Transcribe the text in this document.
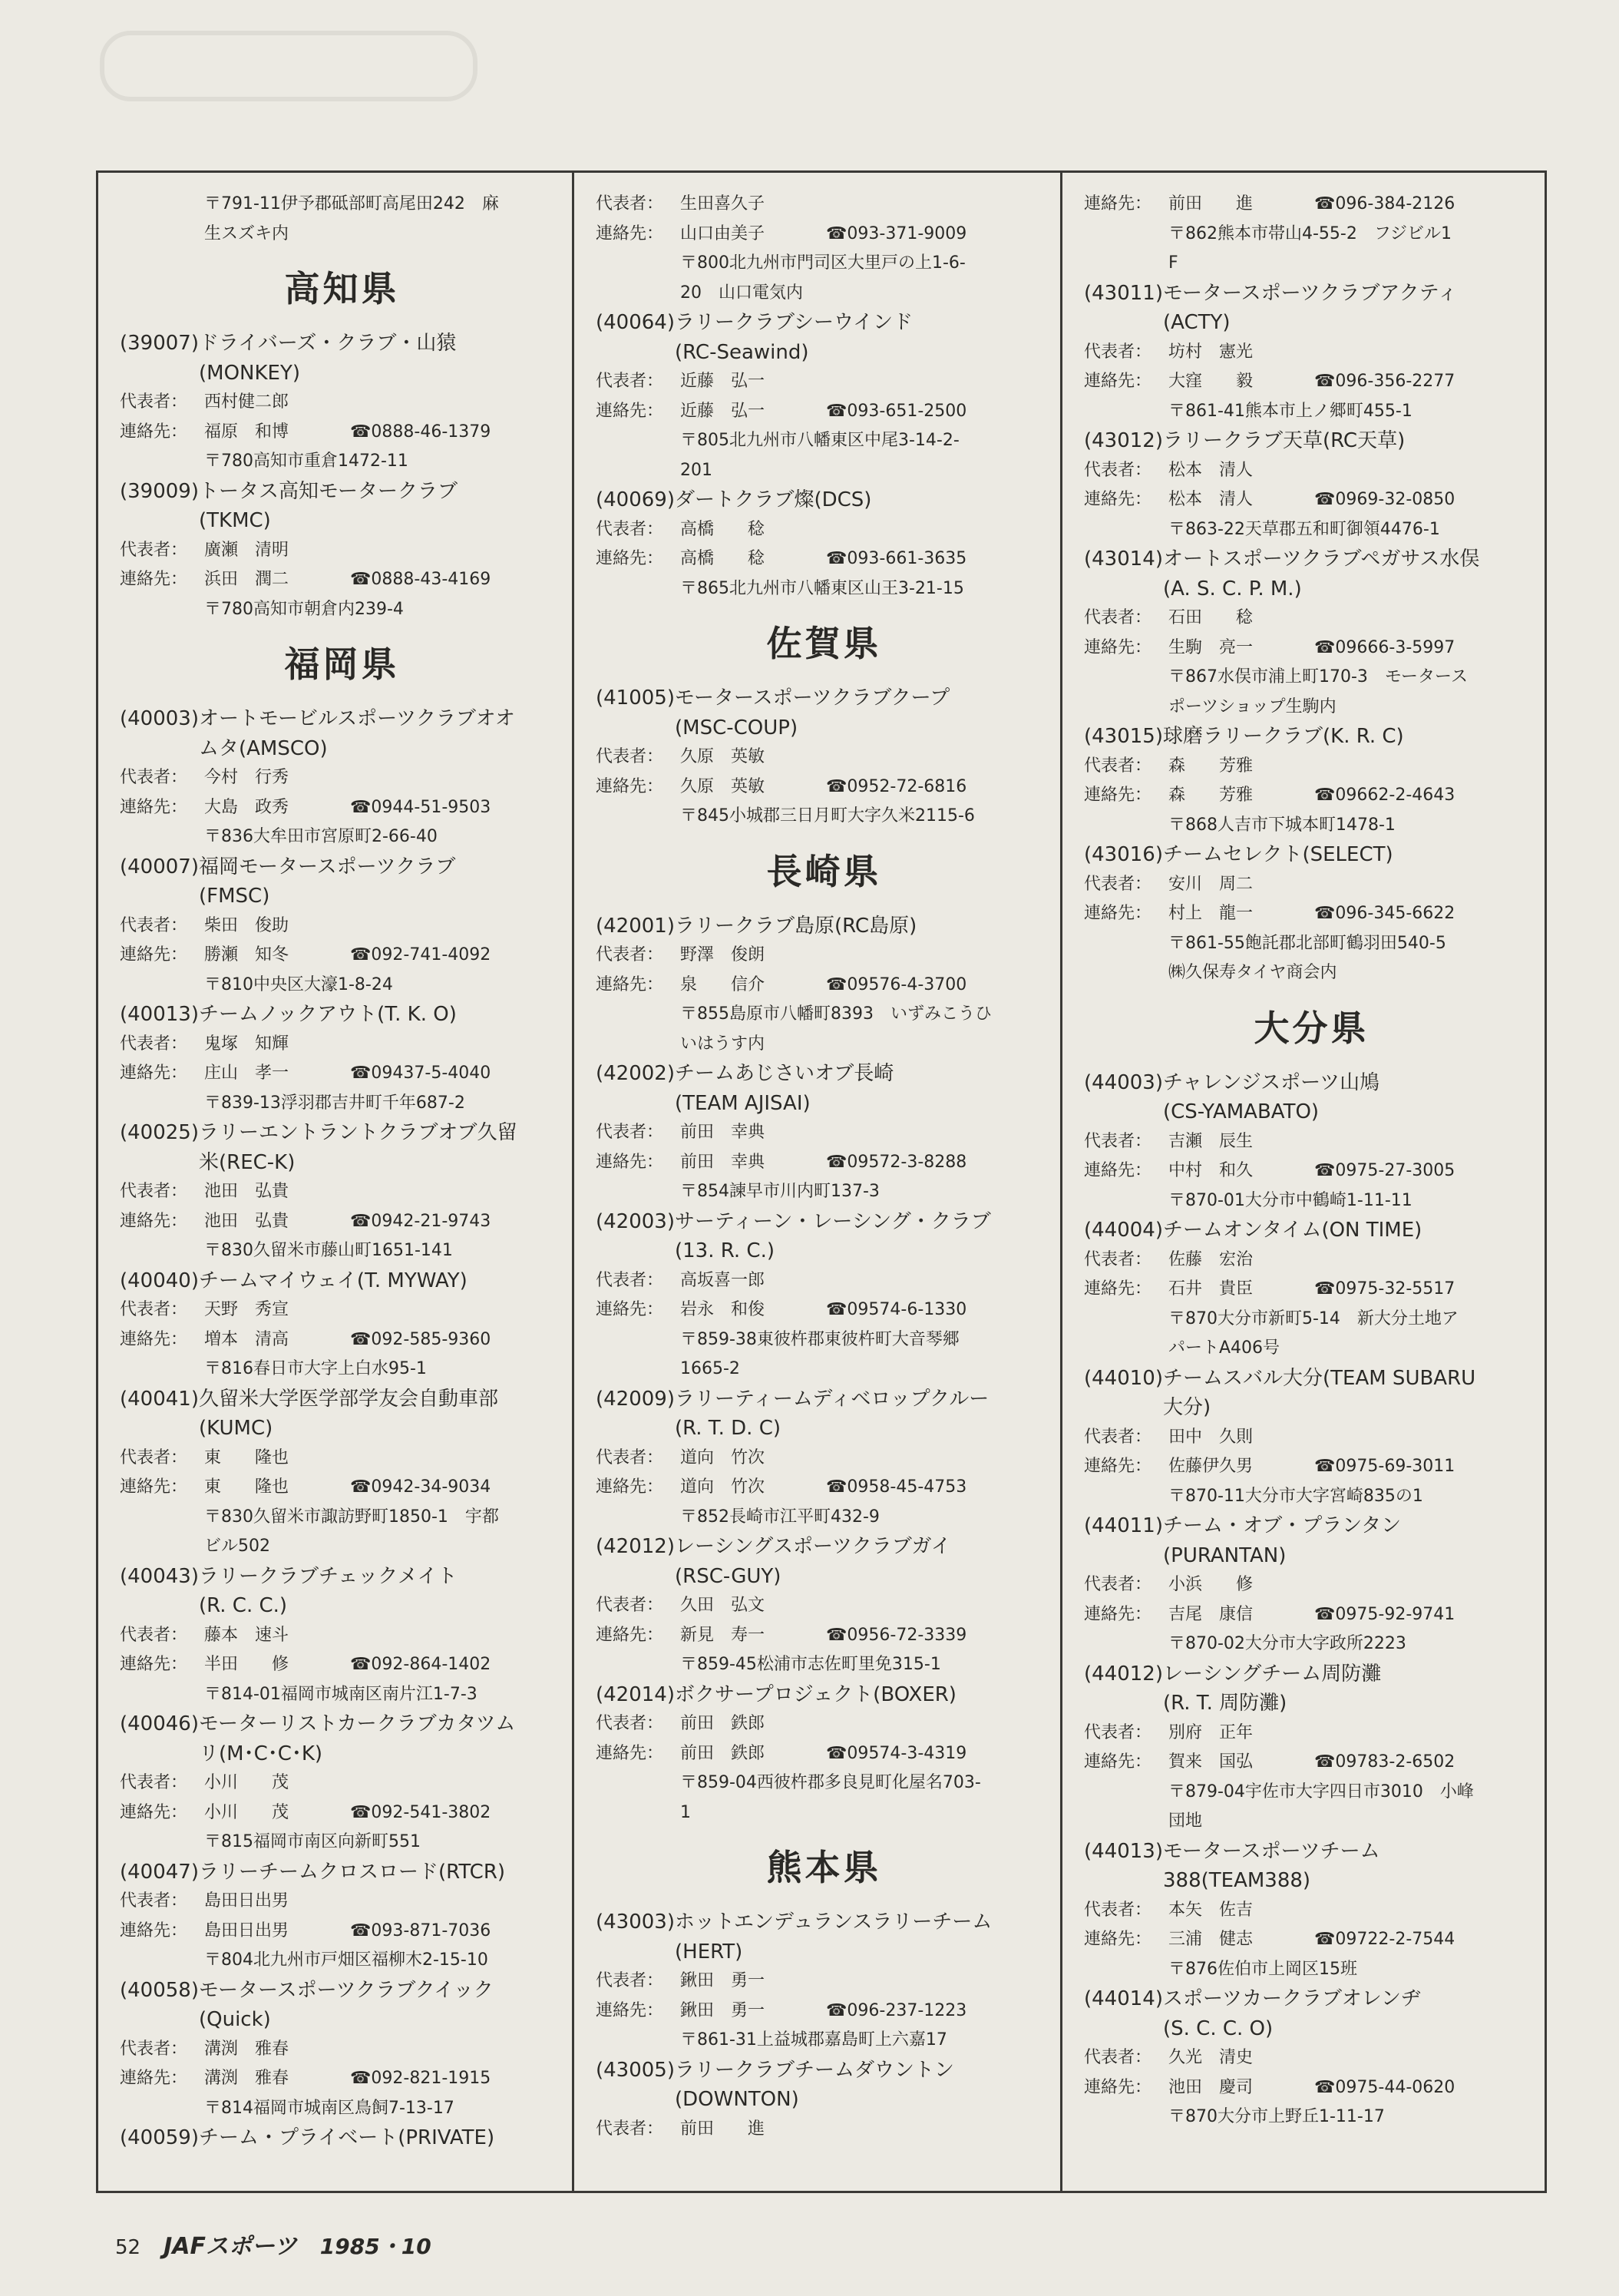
〒791-11伊予郡砥部町高尾田242　麻
生スズキ内
高知県
(39007) ドライバーズ・クラブ・山猿
(MONKEY)
代表者： 西村健二郎
連絡先： 福原　和博	☎0888-46-1379
〒780高知市重倉1472-11
(39009) トータス高知モータークラブ
(TKMC)
代表者： 廣瀬　清明
連絡先： 浜田　潤二	☎0888-43-4169
〒780高知市朝倉内239-4
福岡県
(40003) オートモービルスポーツクラブオオ
ムタ(AMSCO)
代表者： 今村　行秀
連絡先： 大島　政秀	☎0944-51-9503
〒836大牟田市宮原町2-66-40
(40007) 福岡モータースポーツクラブ
(FMSC)
代表者： 柴田　俊助
連絡先： 勝瀬　知冬	☎092-741-4092
〒810中央区大濠1-8-24
(40013) チームノックアウト(T. K. O)
代表者： 鬼塚　知輝
連絡先： 庄山　孝一	☎09437-5-4040
〒839-13浮羽郡吉井町千年687-2
(40025) ラリーエントラントクラブオブ久留
米(REC-K)
代表者： 池田　弘貴
連絡先： 池田　弘貴	☎0942-21-9743
〒830久留米市藤山町1651-141
(40040) チームマイウェイ(T. MYWAY)
代表者： 天野　秀宣
連絡先： 増本　清高	☎092-585-9360
〒816春日市大字上白水95-1
(40041) 久留米大学医学部学友会自動車部
(KUMC)
代表者： 東　　隆也
連絡先： 東　　隆也	☎0942-34-9034
〒830久留米市諏訪野町1850-1　宇都
ビル502
(40043) ラリークラブチェックメイト
(R. C. C.)
代表者： 藤本　速斗
連絡先： 半田　　修	☎092-864-1402
〒814-01福岡市城南区南片江1-7-3
(40046) モーターリストカークラブカタツム
リ(M･C･C･K)
代表者： 小川　　茂
連絡先： 小川　　茂	☎092-541-3802
〒815福岡市南区向新町551
(40047) ラリーチームクロスロード(RTCR)
代表者： 島田日出男
連絡先： 島田日出男	☎093-871-7036
〒804北九州市戸畑区福柳木2-15-10
(40058) モータースポーツクラブクイック
(Quick)
代表者： 溝渕　雅春
連絡先： 溝渕　雅春	☎092-821-1915
〒814福岡市城南区鳥飼7-13-17
(40059) チーム・プライベート(PRIVATE)
代表者： 生田喜久子
連絡先： 山口由美子	☎093-371-9009
〒800北九州市門司区大里戸の上1-6-
20　山口電気内
(40064) ラリークラブシーウインド
(RC-Seawind)
代表者： 近藤　弘一
連絡先： 近藤　弘一	☎093-651-2500
〒805北九州市八幡東区中尾3-14-2-
201
(40069) ダートクラブ燦(DCS)
代表者： 高橋　　稔
連絡先： 高橋　　稔	☎093-661-3635
〒865北九州市八幡東区山王3-21-15
佐賀県
(41005) モータースポーツクラブクープ
(MSC-COUP)
代表者： 久原　英敏
連絡先： 久原　英敏	☎0952-72-6816
〒845小城郡三日月町大字久米2115-6
長崎県
(42001) ラリークラブ島原(RC島原)
代表者： 野澤　俊朗
連絡先： 泉　　信介	☎09576-4-3700
〒855島原市八幡町8393　いずみこうひ
いはうす内
(42002) チームあじさいオブ長崎
(TEAM AJISAI)
代表者： 前田　幸典
連絡先： 前田　幸典	☎09572-3-8288
〒854諫早市川内町137-3
(42003) サーティーン・レーシング・クラブ
(13. R. C.)
代表者： 高坂喜一郎
連絡先： 岩永　和俊	☎09574-6-1330
〒859-38東彼杵郡東彼杵町大音琴郷
1665-2
(42009) ラリーティームディベロップクルー
(R. T. D. C)
代表者： 道向　竹次
連絡先： 道向　竹次	☎0958-45-4753
〒852長崎市江平町432-9
(42012) レーシングスポーツクラブガイ
(RSC-GUY)
代表者： 久田　弘文
連絡先： 新見　寿一	☎0956-72-3339
〒859-45松浦市志佐町里免315-1
(42014) ボクサープロジェクト(BOXER)
代表者： 前田　鉄郎
連絡先： 前田　鉄郎	☎09574-3-4319
〒859-04西彼杵郡多良見町化屋名703-
1
熊本県
(43003) ホットエンデュランスラリーチーム
(HERT)
代表者： 鍬田　勇一
連絡先： 鍬田　勇一	☎096-237-1223
〒861-31上益城郡嘉島町上六嘉17
(43005) ラリークラブチームダウントン
(DOWNTON)
代表者： 前田　　進
連絡先： 前田　　進	☎096-384-2126
〒862熊本市帯山4-55-2　フジビル1
F
(43011) モータースポーツクラブアクティ
(ACTY)
代表者： 坊村　憲光
連絡先： 大窪　　毅	☎096-356-2277
〒861-41熊本市上ノ郷町455-1
(43012) ラリークラブ天草(RC天草)
代表者： 松本　清人
連絡先： 松本　清人	☎0969-32-0850
〒863-22天草郡五和町御領4476-1
(43014) オートスポーツクラブペガサス水俣
(A. S. C. P. M.)
代表者： 石田　　稔
連絡先： 生駒　亮一	☎09666-3-5997
〒867水俣市浦上町170-3　モータース
ポーツショップ生駒内
(43015) 球磨ラリークラブ(K. R. C)
代表者： 森　　芳雅
連絡先： 森　　芳雅	☎09662-2-4643
〒868人吉市下城本町1478-1
(43016) チームセレクト(SELECT)
代表者： 安川　周二
連絡先： 村上　龍一	☎096-345-6622
〒861-55飽託郡北部町鶴羽田540-5
㈱久保寿タイヤ商会内
大分県
(44003) チャレンジスポーツ山鳩
(CS-YAMABATO)
代表者： 吉瀬　辰生
連絡先： 中村　和久	☎0975-27-3005
〒870-01大分市中鶴崎1-11-11
(44004) チームオンタイム(ON TIME)
代表者： 佐藤　宏治
連絡先： 石井　貴臣	☎0975-32-5517
〒870大分市新町5-14　新大分土地ア
パートA406号
(44010) チームスバル大分(TEAM SUBARU
大分)
代表者： 田中　久則
連絡先： 佐藤伊久男	☎0975-69-3011
〒870-11大分市大字宮崎835の1
(44011) チーム・オブ・プランタン
(PURANTAN)
代表者： 小浜　　修
連絡先： 吉尾　康信	☎0975-92-9741
〒870-02大分市大字政所2223
(44012) レーシングチーム周防灘
(R. T. 周防灘)
代表者： 別府　正年
連絡先： 賀来　国弘	☎09783-2-6502
〒879-04宇佐市大字四日市3010　小峰
団地
(44013) モータースポーツチーム
388(TEAM388)
代表者： 本矢　佐吉
連絡先： 三浦　健志	☎09722-2-7544
〒876佐伯市上岡区15班
(44014) スポーツカークラブオレンヂ
(S. C. C. O)
代表者： 久光　清史
連絡先： 池田　慶司	☎0975-44-0620
〒870大分市上野丘1-11-17
52 JAFスポーツ 1985・10
